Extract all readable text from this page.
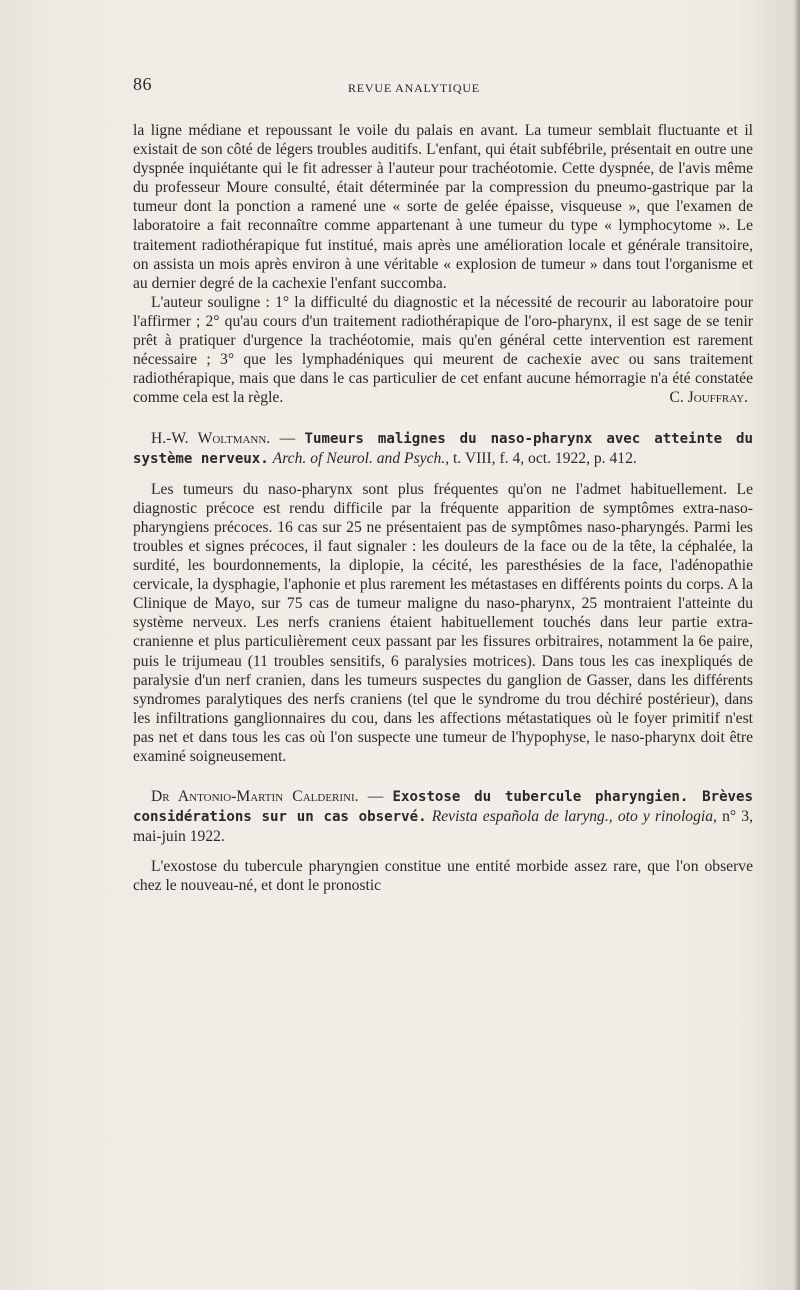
86	REVUE ANALYTIQUE

la ligne médiane et repoussant le voile du palais en avant. La tumeur semblait fluctuante et il existait de son côté de légers troubles auditifs. L'enfant, qui était subfébrile, présentait en outre une dyspnée inquiétante qui le fit adresser à l'auteur pour trachéotomie. Cette dyspnée, de l'avis même du professeur Moure consulté, était déterminée par la compression du pneumo-gastrique par la tumeur dont la ponction a ramené une « sorte de gelée épaisse, visqueuse », que l'examen de laboratoire a fait reconnaître comme appartenant à une tumeur du type « lymphocytome ». Le traitement radiothérapique fut institué, mais après une amélioration locale et générale transitoire, on assista un mois après environ à une véritable « explosion de tumeur » dans tout l'organisme et au dernier degré de la cachexie l'enfant succomba.

L'auteur souligne : 1° la difficulté du diagnostic et la nécessité de recourir au laboratoire pour l'affirmer ; 2° qu'au cours d'un traitement radiothérapique de l'oro-pharynx, il est sage de se tenir prêt à pratiquer d'urgence la trachéotomie, mais qu'en général cette intervention est rarement nécessaire ; 3° que les lymphadéniques qui meurent de cachexie avec ou sans traitement radiothérapique, mais que dans le cas particulier de cet enfant aucune hémorragie n'a été constatée comme cela est la règle.	C. Jouffray.

H.-W. Woltmann. — Tumeurs malignes du naso-pharynx avec atteinte du système nerveux. Arch. of Neurol. and Psych., t. VIII, f. 4, oct. 1922, p. 412.

Les tumeurs du naso-pharynx sont plus fréquentes qu'on ne l'admet habituellement. Le diagnostic précoce est rendu difficile par la fréquente apparition de symptômes extra-naso-pharyngiens précoces. 16 cas sur 25 ne présentaient pas de symptômes naso-pharyngés. Parmi les troubles et signes précoces, il faut signaler : les douleurs de la face ou de la tête, la céphalée, la surdité, les bourdonnements, la diplopie, la cécité, les paresthésies de la face, l'adénopathie cervicale, la dysphagie, l'aphonie et plus rarement les métastases en différents points du corps. A la Clinique de Mayo, sur 75 cas de tumeur maligne du naso-pharynx, 25 montraient l'atteinte du système nerveux. Les nerfs craniens étaient habituellement touchés dans leur partie extra-cranienne et plus particulièrement ceux passant par les fissures orbitraires, notamment la 6e paire, puis le trijumeau (11 troubles sensitifs, 6 paralysies motrices). Dans tous les cas inexpliqués de paralysie d'un nerf cranien, dans les tumeurs suspectes du ganglion de Gasser, dans les différents syndromes paralytiques des nerfs craniens (tel que le syndrome du trou déchiré postérieur), dans les infiltrations ganglionnaires du cou, dans les affections métastatiques où le foyer primitif n'est pas net et dans tous les cas où l'on suspecte une tumeur de l'hypophyse, le naso-pharynx doit être examiné soigneusement.

Dr Antonio-Martin Calderini. — Exostose du tubercule pharyngien. Brèves considérations sur un cas observé. Revista española de laryng., oto y rinologia, n° 3, mai-juin 1922.

L'exostose du tubercule pharyngien constitue une entité morbide assez rare, que l'on observe chez le nouveau-né, et dont le pronostic
